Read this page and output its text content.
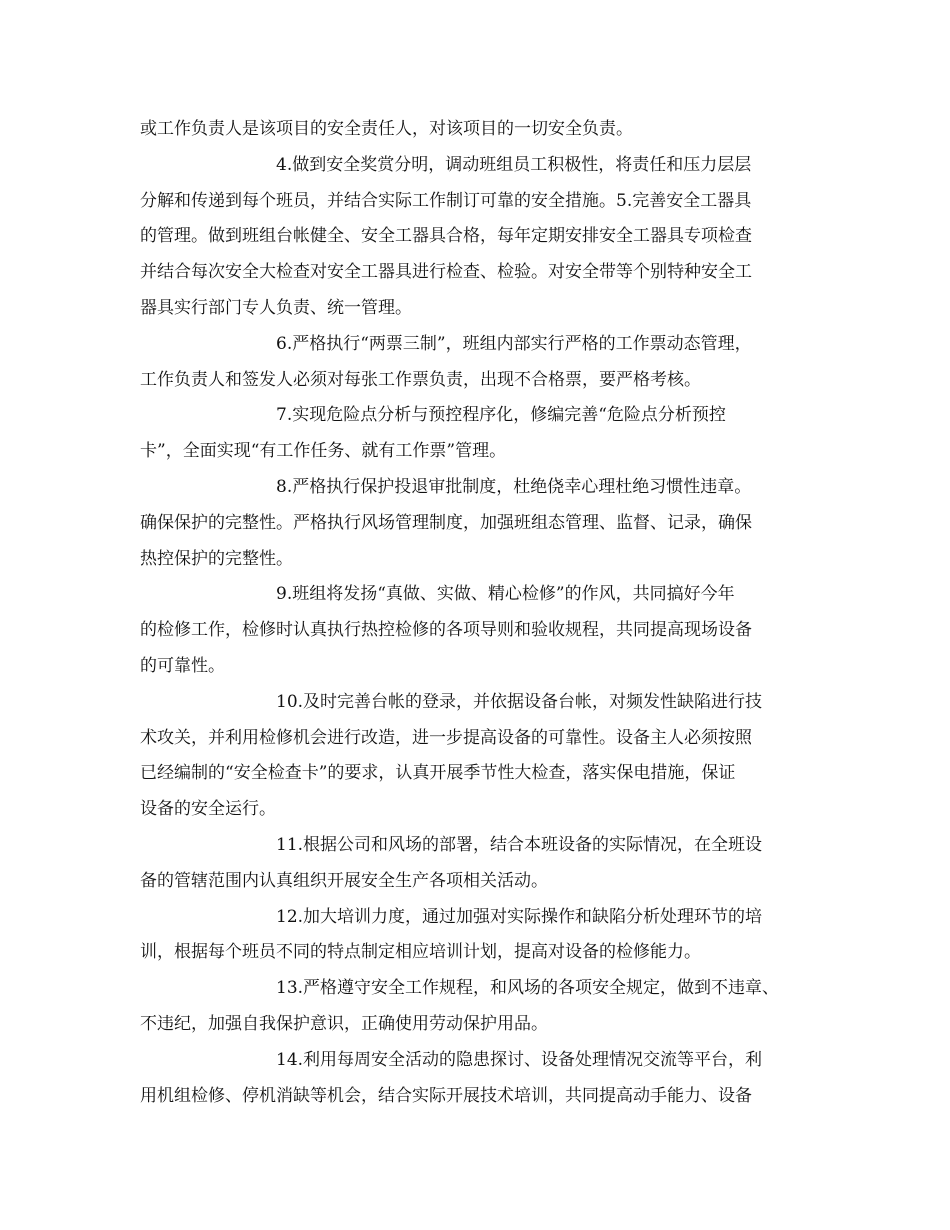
或工作负责人是该项目的安全责任人，对该项目的一切安全负责。
4.做到安全奖赏分明，调动班组员工积极性，将责任和压力层层
分解和传递到每个班员，并结合实际工作制订可靠的安全措施。5.完善安全工器具
的管理。做到班组台帐健全、安全工器具合格，每年定期安排安全工器具专项检查
并结合每次安全大检查对安全工器具进行检查、检验。对安全带等个别特种安全工
器具实行部门专人负责、统一管理。
6.严格执行“两票三制”，班组内部实行严格的工作票动态管理，
工作负责人和签发人必须对每张工作票负责，出现不合格票，要严格考核。
7.实现危险点分析与预控程序化，修编完善“危险点分析预控
卡”，全面实现“有工作任务、就有工作票”管理。
8.严格执行保护投退审批制度，杜绝侥幸心理杜绝习惯性违章。
确保保护的完整性。严格执行风场管理制度，加强班组态管理、监督、记录，确保
热控保护的完整性。
9.班组将发扬“真做、实做、精心检修”的作风，共同搞好今年
的检修工作，检修时认真执行热控检修的各项导则和验收规程，共同提高现场设备
的可靠性。
10.及时完善台帐的登录，并依据设备台帐，对频发性缺陷进行技
术攻关，并利用检修机会进行改造，进一步提高设备的可靠性。设备主人必须按照
已经编制的“安全检查卡”的要求，认真开展季节性大检查，落实保电措施，保证
设备的安全运行。
11.根据公司和风场的部署，结合本班设备的实际情况，在全班设
备的管辖范围内认真组织开展安全生产各项相关活动。
12.加大培训力度，通过加强对实际操作和缺陷分析处理环节的培
训，根据每个班员不同的特点制定相应培训计划，提高对设备的检修能力。
13.严格遵守安全工作规程，和风场的各项安全规定，做到不违章、
不违纪，加强自我保护意识，正确使用劳动保护用品。
14.利用每周安全活动的隐患探讨、设备处理情况交流等平台，利
用机组检修、停机消缺等机会，结合实际开展技术培训，共同提高动手能力、设备
